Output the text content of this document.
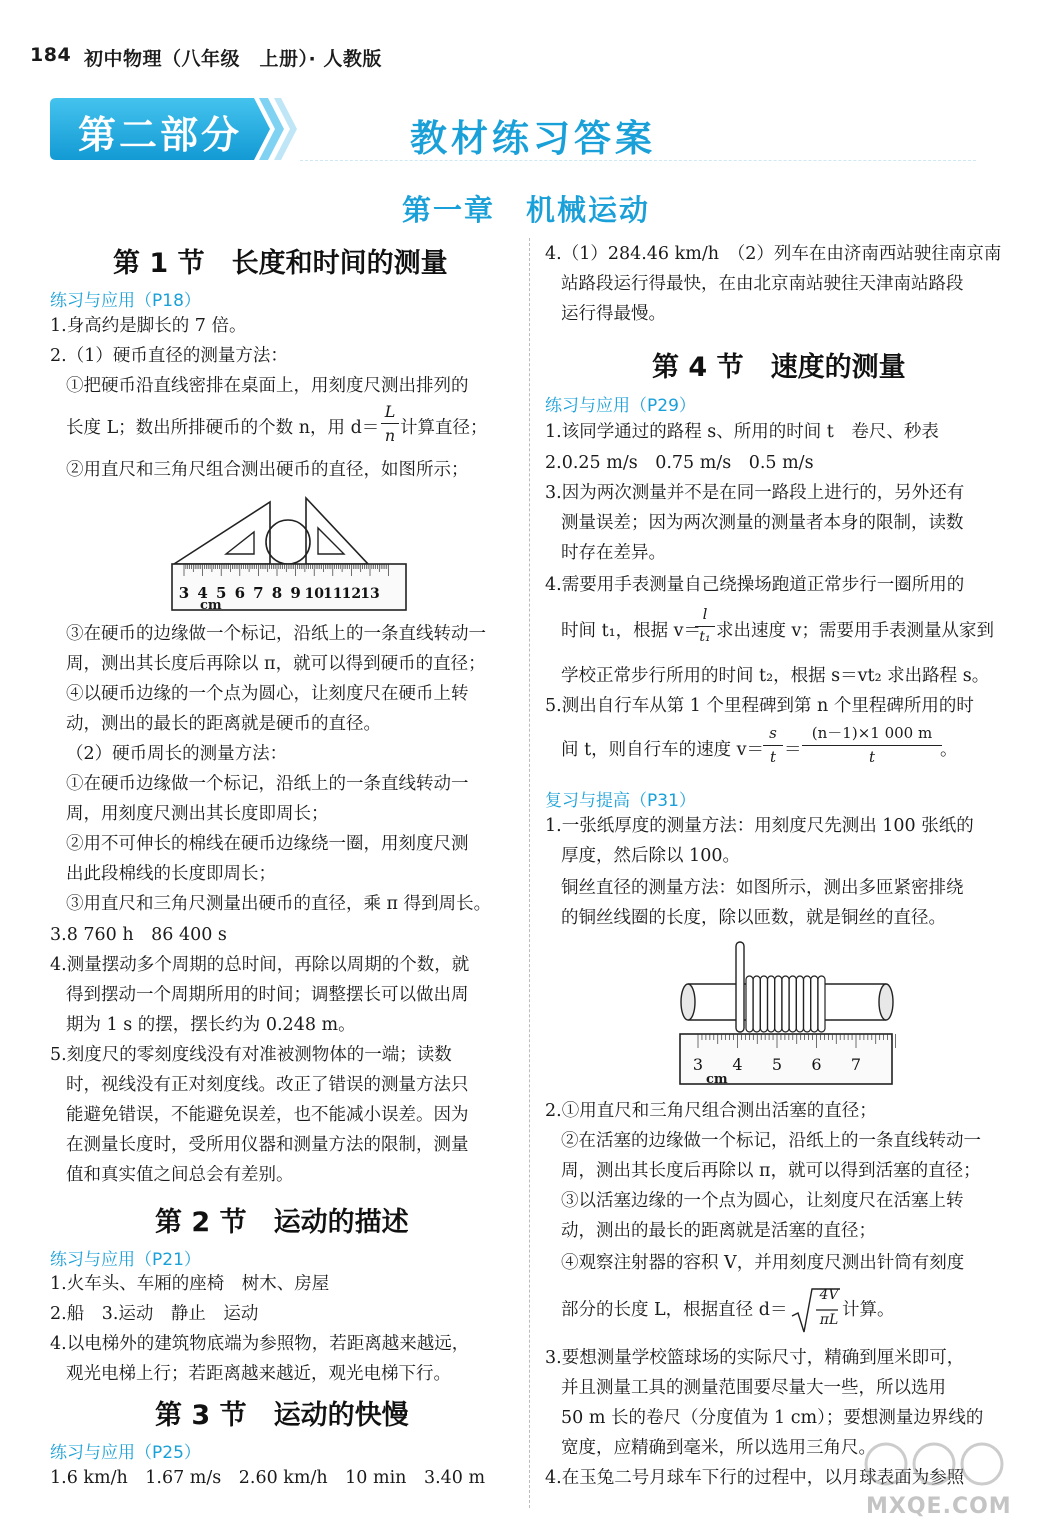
184 初中物理（八年级　上册）· 人教版
第二部分	教材练习答案
第一章　机械运动
第 1 节　长度和时间的测量
练习与应用（P18）
1.身高约是脚长的 7 倍。
2.（1）硬币直径的测量方法：
①把硬币沿直线密排在桌面上，用刻度尺测出排列的
长度 L；数出所排硬币的个数 n，用 d＝
L
n 计算直径；
②用直尺和三角尺组合测出硬币的直径，如图所示；
3 4 5 6 7 8 9 10 11 12 13
cm
③在硬币的边缘做一个标记，沿纸上的一条直线转动一
周，测出其长度后再除以 π，就可以得到硬币的直径；
④以硬币边缘的一个点为圆心，让刻度尺在硬币上转
动，测出的最长的距离就是硬币的直径。
（2）硬币周长的测量方法：
①在硬币边缘做一个标记，沿纸上的一条直线转动一
周，用刻度尺测出其长度即周长；
②用不可伸长的棉线在硬币边缘绕一圈，用刻度尺测
出此段棉线的长度即周长；
③用直尺和三角尺测量出硬币的直径，乘 π 得到周长。
3.8 760 h　86 400 s
4.测量摆动多个周期的总时间，再除以周期的个数，就
得到摆动一个周期所用的时间；调整摆长可以做出周
期为 1 s 的摆，摆长约为 0.248 m。
5.刻度尺的零刻度线没有对准被测物体的一端；读数
时，视线没有正对刻度线。改正了错误的测量方法只
能避免错误，不能避免误差，也不能减小误差。因为
在测量长度时，受所用仪器和测量方法的限制，测量
值和真实值之间总会有差别。
第 2 节　运动的描述
练习与应用（P21）
1.火车头、车厢的座椅　树木、房屋
2.船　3.运动　静止　运动
4.以电梯外的建筑物底端为参照物，若距离越来越远，
观光电梯上行；若距离越来越近，观光电梯下行。
第 3 节　运动的快慢
练习与应用（P25）
1.6 km/h　1.67 m/s　2.60 km/h　10 min　3.40 m
4.（1）284.46 km/h　（2）列车在由济南西站驶往南京南
站路段运行得最快，在由北京南站驶往天津南站路段
运行得最慢。
第 4 节　速度的测量
练习与应用（P29）
1.该同学通过的路程 s、所用的时间 t　卷尺、秒表
2.0.25 m/s　0.75 m/s　0.5 m/s
3.因为两次测量并不是在同一路段上进行的，另外还有
测量误差；因为两次测量的测量者本身的限制，读数
时存在差异。
4.需要用手表测量自己绕操场跑道正常步行一圈所用的
时间 t₁，根据 v＝
l
t₁ 求出速度 v；需要用手表测量从家到
学校正常步行所用的时间 t₂，根据 s＝vt₂ 求出路程 s。
5.测出自行车从第 1 个里程碑到第 n 个里程碑所用的时
间 t，则自行车的速度 v＝
s
t ＝
(n－1)×1 000 m
t	。
复习与提高（P31）
1.一张纸厚度的测量方法：用刻度尺先测出 100 张纸的
厚度，然后除以 100。
铜丝直径的测量方法：如图所示，测出多匝紧密排绕
的铜丝线圈的长度，除以匝数，就是铜丝的直径。
3 4 5 6 7
cm
2.①用直尺和三角尺组合测出活塞的直径；
②在活塞的边缘做一个标记，沿纸上的一条直线转动一
周，测出其长度后再除以 π，就可以得到活塞的直径；
③以活塞边缘的一个点为圆心，让刻度尺在活塞上转
动，测出的最长的距离就是活塞的直径；
④观察注射器的容积 V，并用刻度尺测出针筒有刻度
部分的长度 L，根据直径 d＝
4V
πL 计算。
3.要想测量学校篮球场的实际尺寸，精确到厘米即可，
并且测量工具的测量范围要尽量大一些，所以选用
50 m 长的卷尺（分度值为 1 cm）；要想测量边界线的
宽度，应精确到毫米，所以选用三角尺。
4.在玉兔二号月球车下行的过程中，以月球表面为参照
MXQE.COM
